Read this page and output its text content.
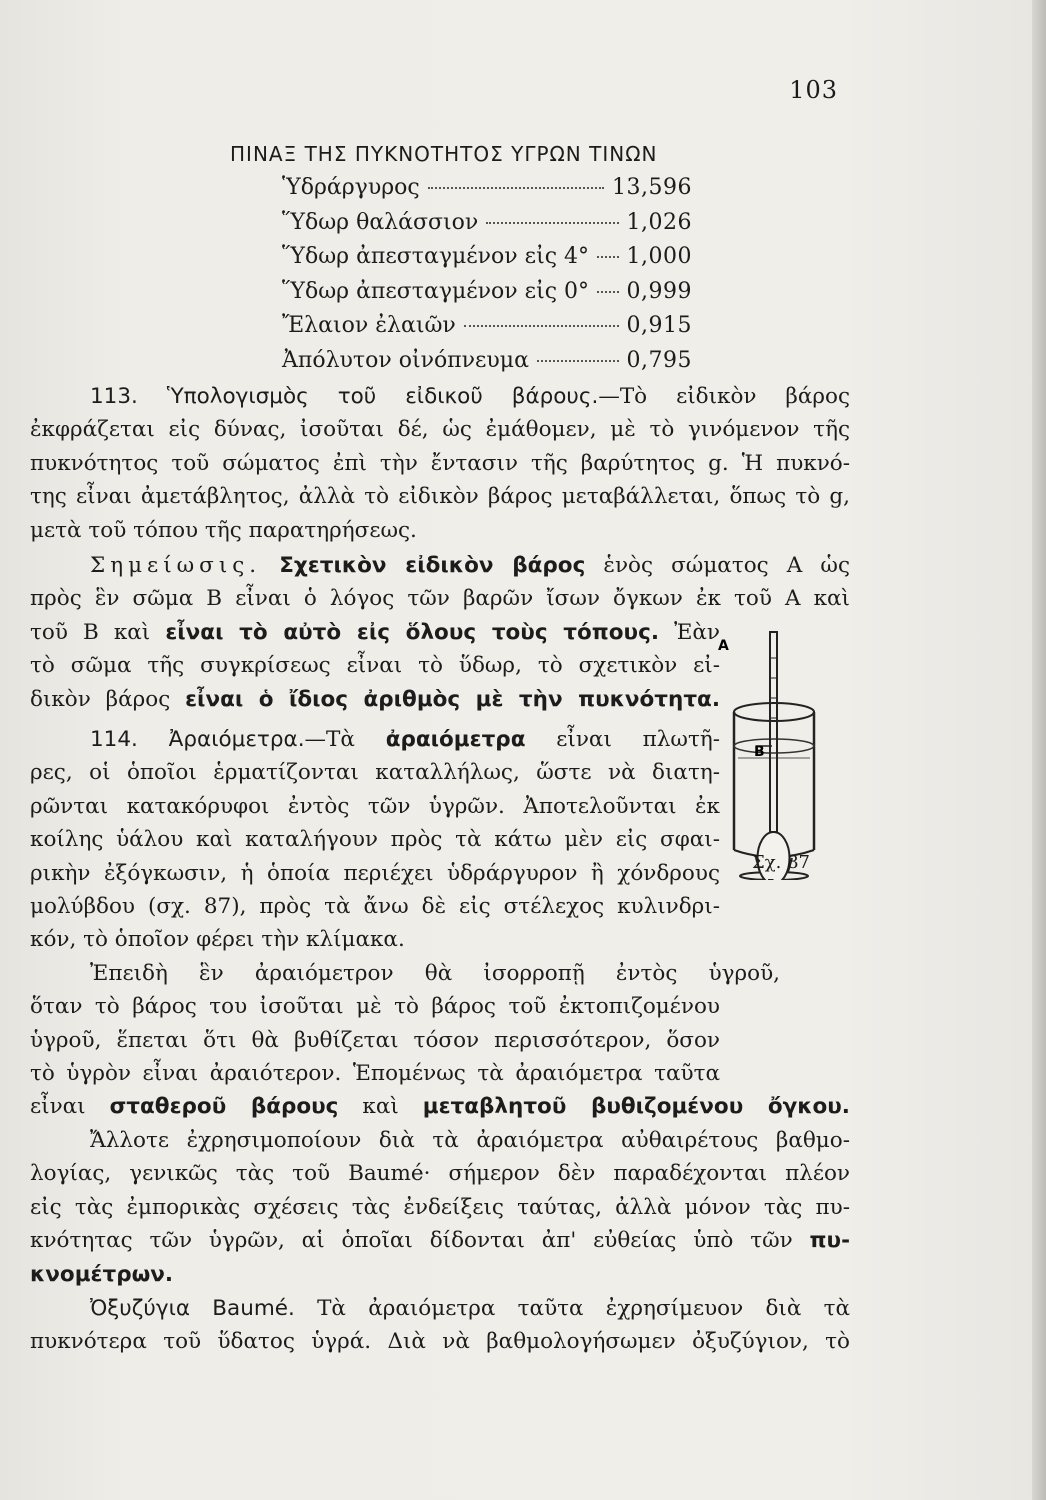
103
ΠΙΝΑΞ ΤΗΣ ΠΥΚΝΟΤΗΤΟΣ ΥΓΡΩΝ ΤΙΝΩΝ
Ὑδράργυρος	13,596
Ὕδωρ θαλάσσιον	1,026
Ὕδωρ ἀπεσταγμένον εἰς 4° 1,000
Ὕδωρ ἀπεσταγμένον εἰς 0° 0,999
Ἔλαιον ἐλαιῶν	0,915
Ἀπόλυτον οἰνόπνευμα	0,795
113. Ὑπολογισμὸς τοῦ εἰδικοῦ βάρους.—Τὸ εἰδικὸν βάρος
ἐκφράζεται εἰς δύνας, ἰσοῦται δέ, ὡς ἐμάθομεν, μὲ τὸ γινόμενον τῆς
πυκνότητος τοῦ σώματος ἐπὶ τὴν ἔντασιν τῆς βαρύτητος g. Ἡ πυκνό-
της εἶναι ἀμετάβλητος, ἀλλὰ τὸ εἰδικὸν βάρος μεταβάλλεται, ὅπως τὸ g,
μετὰ τοῦ τόπου τῆς παρατηρήσεως.
Σημείωσις. Σχετικὸν εἰδικὸν βάρος ἑνὸς σώματος Α ὡς
πρὸς ἓν σῶμα Β εἶναι ὁ λόγος τῶν βαρῶν ἴσων ὄγκων ἐκ τοῦ Α καὶ
τοῦ Β καὶ εἶναι τὸ αὐτὸ εἰς ὅλους τοὺς τόπους. Ἐὰν
τὸ σῶμα τῆς συγκρίσεως εἶναι τὸ ὕδωρ, τὸ σχετικὸν εἰ-
δικὸν βάρος εἶναι ὁ ἴδιος ἀριθμὸς μὲ τὴν πυκνότητα.
114. Ἀραιόμετρα.—Τὰ ἀραιόμετρα εἶναι πλωτῆ-
ρες, οἱ ὁποῖοι ἑρματίζονται καταλλήλως, ὥστε νὰ διατη-
ρῶνται κατακόρυφοι ἐντὸς τῶν ὑγρῶν. Ἀποτελοῦνται ἐκ
κοίλης ὑάλου καὶ καταλήγουν πρὸς τὰ κάτω μὲν εἰς σφαι-
ρικὴν ἐξόγκωσιν, ἡ ὁποία περιέχει ὑδράργυρον ἢ χόνδρους
μολύβδου (σχ. 87), πρὸς τὰ ἄνω δὲ εἰς στέλεχος κυλινδρι-
κόν, τὸ ὁποῖον φέρει τὴν κλίμακα.
Ἐπειδὴ ἓν ἀραιόμετρον θὰ ἰσορροπῇ ἐντὸς ὑγροῦ,
ὅταν τὸ βάρος του ἰσοῦται μὲ τὸ βάρος τοῦ ἐκτοπιζομένου
ὑγροῦ, ἕπεται ὅτι θὰ βυθίζεται τόσον περισσότερον, ὅσον
τὸ ὑγρὸν εἶναι ἀραιότερον. Ἑπομένως τὰ ἀραιόμετρα ταῦτα
εἶναι σταθεροῦ βάρους καὶ μεταβλητοῦ βυθιζομένου ὄγκου.
Ἄλλοτε ἐχρησιμοποίουν διὰ τὰ ἀραιόμετρα αὐθαιρέτους βαθμο-
λογίας, γενικῶς τὰς τοῦ Baumé· σήμερον δὲν παραδέχονται πλέον
εἰς τὰς ἐμπορικὰς σχέσεις τὰς ἐνδείξεις ταύτας, ἀλλὰ μόνον τὰς πυ-
κνότητας τῶν ὑγρῶν, αἱ ὁποῖαι δίδονται ἀπ' εὐθείας ὑπὸ τῶν πυ-
κνομέτρων.
Ὀξυζύγια Baumé. Τὰ ἀραιόμετρα ταῦτα ἐχρησίμευον διὰ τὰ
πυκνότερα τοῦ ὕδατος ὑγρά. Διὰ νὰ βαθμολογήσωμεν ὀξυζύγιον, τὸ
A
B
Σχ. 87
